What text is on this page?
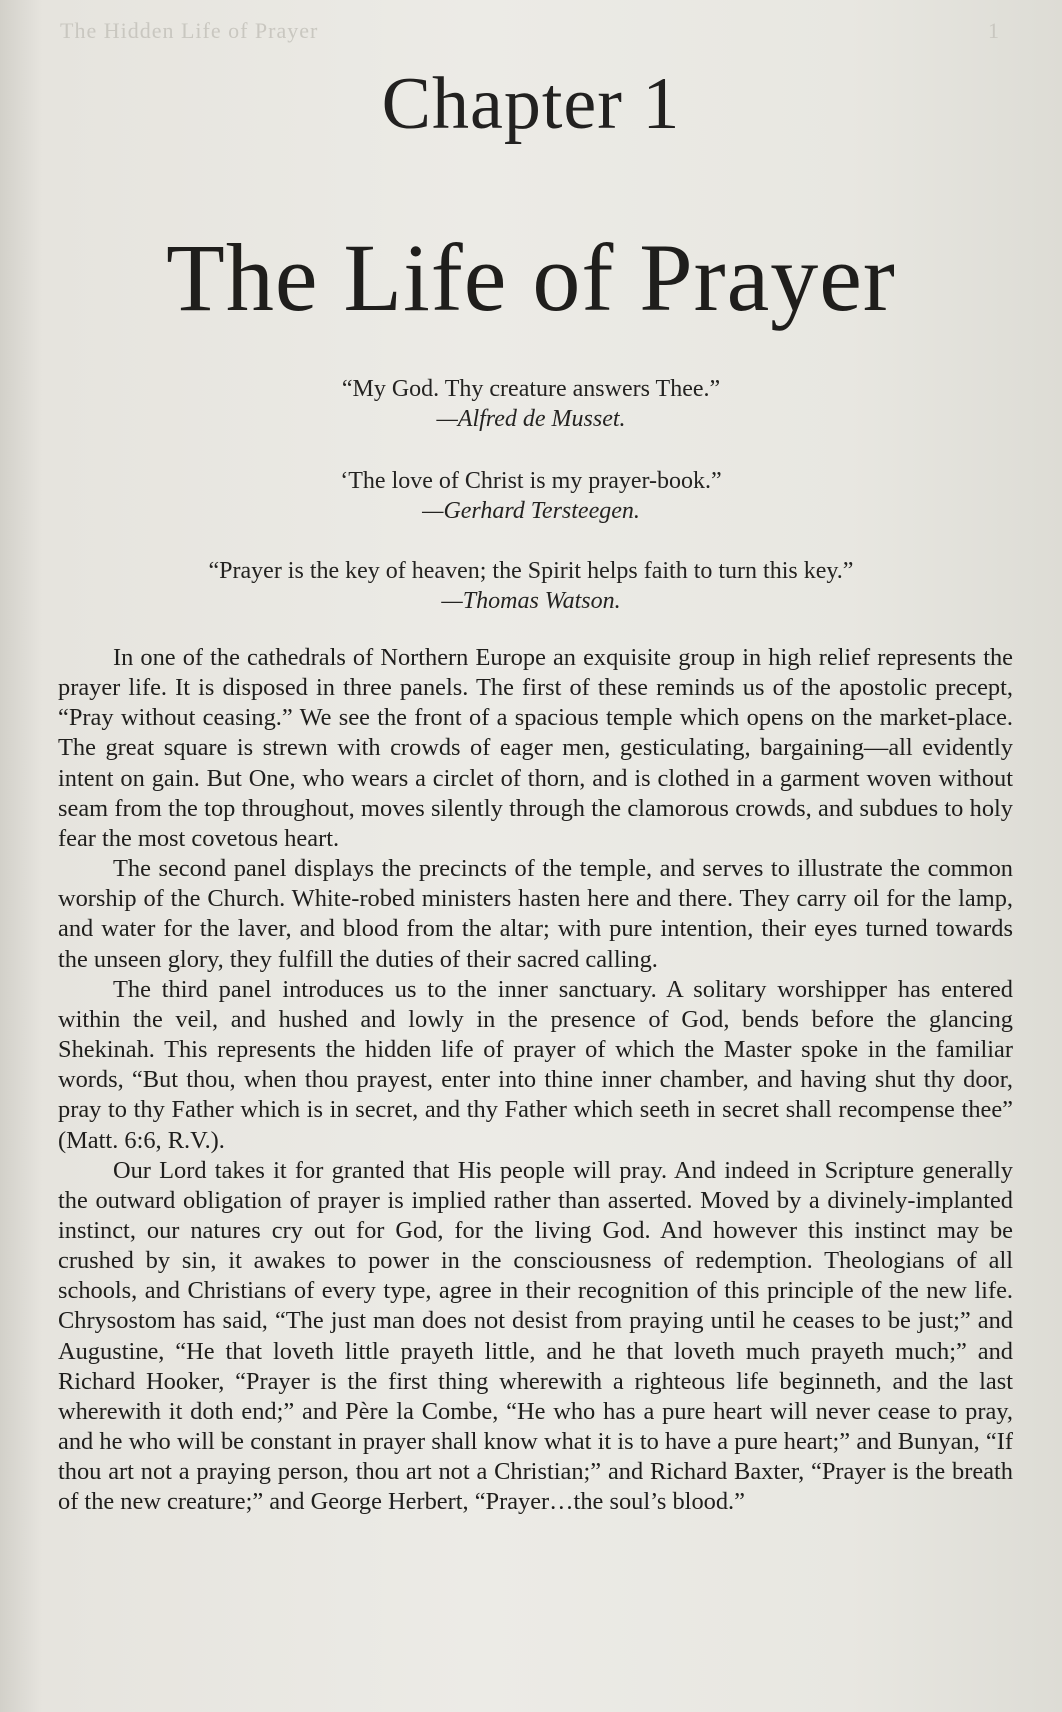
The Hidden Life of Prayer	1
Chapter 1
The Life of Prayer
“My God. Thy creature answers Thee.”
—Alfred de Musset.
‘The love of Christ is my prayer-book.”
—Gerhard Tersteegen.
“Prayer is the key of heaven; the Spirit helps faith to turn this key.”
—Thomas Watson.

In one of the cathedrals of Northern Europe an exquisite group in high relief represents the prayer life. It is disposed in three panels. The first of these reminds us of the apostolic precept, “Pray without ceasing.” We see the front of a spacious temple which opens on the market-place. The great square is strewn with crowds of eager men, gesticulating, bargaining—all evidently intent on gain. But One, who wears a circlet of thorn, and is clothed in a garment woven without seam from the top throughout, moves silently through the clamorous crowds, and subdues to holy fear the most covetous heart.

The second panel displays the precincts of the temple, and serves to illustrate the common worship of the Church. White-robed ministers hasten here and there. They carry oil for the lamp, and water for the laver, and blood from the altar; with pure intention, their eyes turned towards the unseen glory, they fulfill the duties of their sacred calling.

The third panel introduces us to the inner sanctuary. A solitary worshipper has entered within the veil, and hushed and lowly in the presence of God, bends before the glancing Shekinah. This represents the hidden life of prayer of which the Master spoke in the familiar words, “But thou, when thou prayest, enter into thine inner chamber, and having shut thy door, pray to thy Father which is in secret, and thy Father which seeth in secret shall recompense thee” (Matt. 6:6, R.V.).

Our Lord takes it for granted that His people will pray. And indeed in Scripture generally the outward obligation of prayer is implied rather than asserted. Moved by a divinely-implanted instinct, our natures cry out for God, for the living God. And however this instinct may be crushed by sin, it awakes to power in the consciousness of redemption. Theologians of all schools, and Christians of every type, agree in their recognition of this principle of the new life. Chrysostom has said, “The just man does not desist from praying until he ceases to be just;” and Augustine, “He that loveth little prayeth little, and he that loveth much prayeth much;” and Richard Hooker, “Prayer is the first thing wherewith a righteous life beginneth, and the last wherewith it doth end;” and Père la Combe, “He who has a pure heart will never cease to pray, and he who will be constant in prayer shall know what it is to have a pure heart;” and Bunyan, “If thou art not a praying person, thou art not a Christian;” and Richard Baxter, “Prayer is the breath of the new creature;” and George Herbert, “Prayer…the soul’s blood.”
